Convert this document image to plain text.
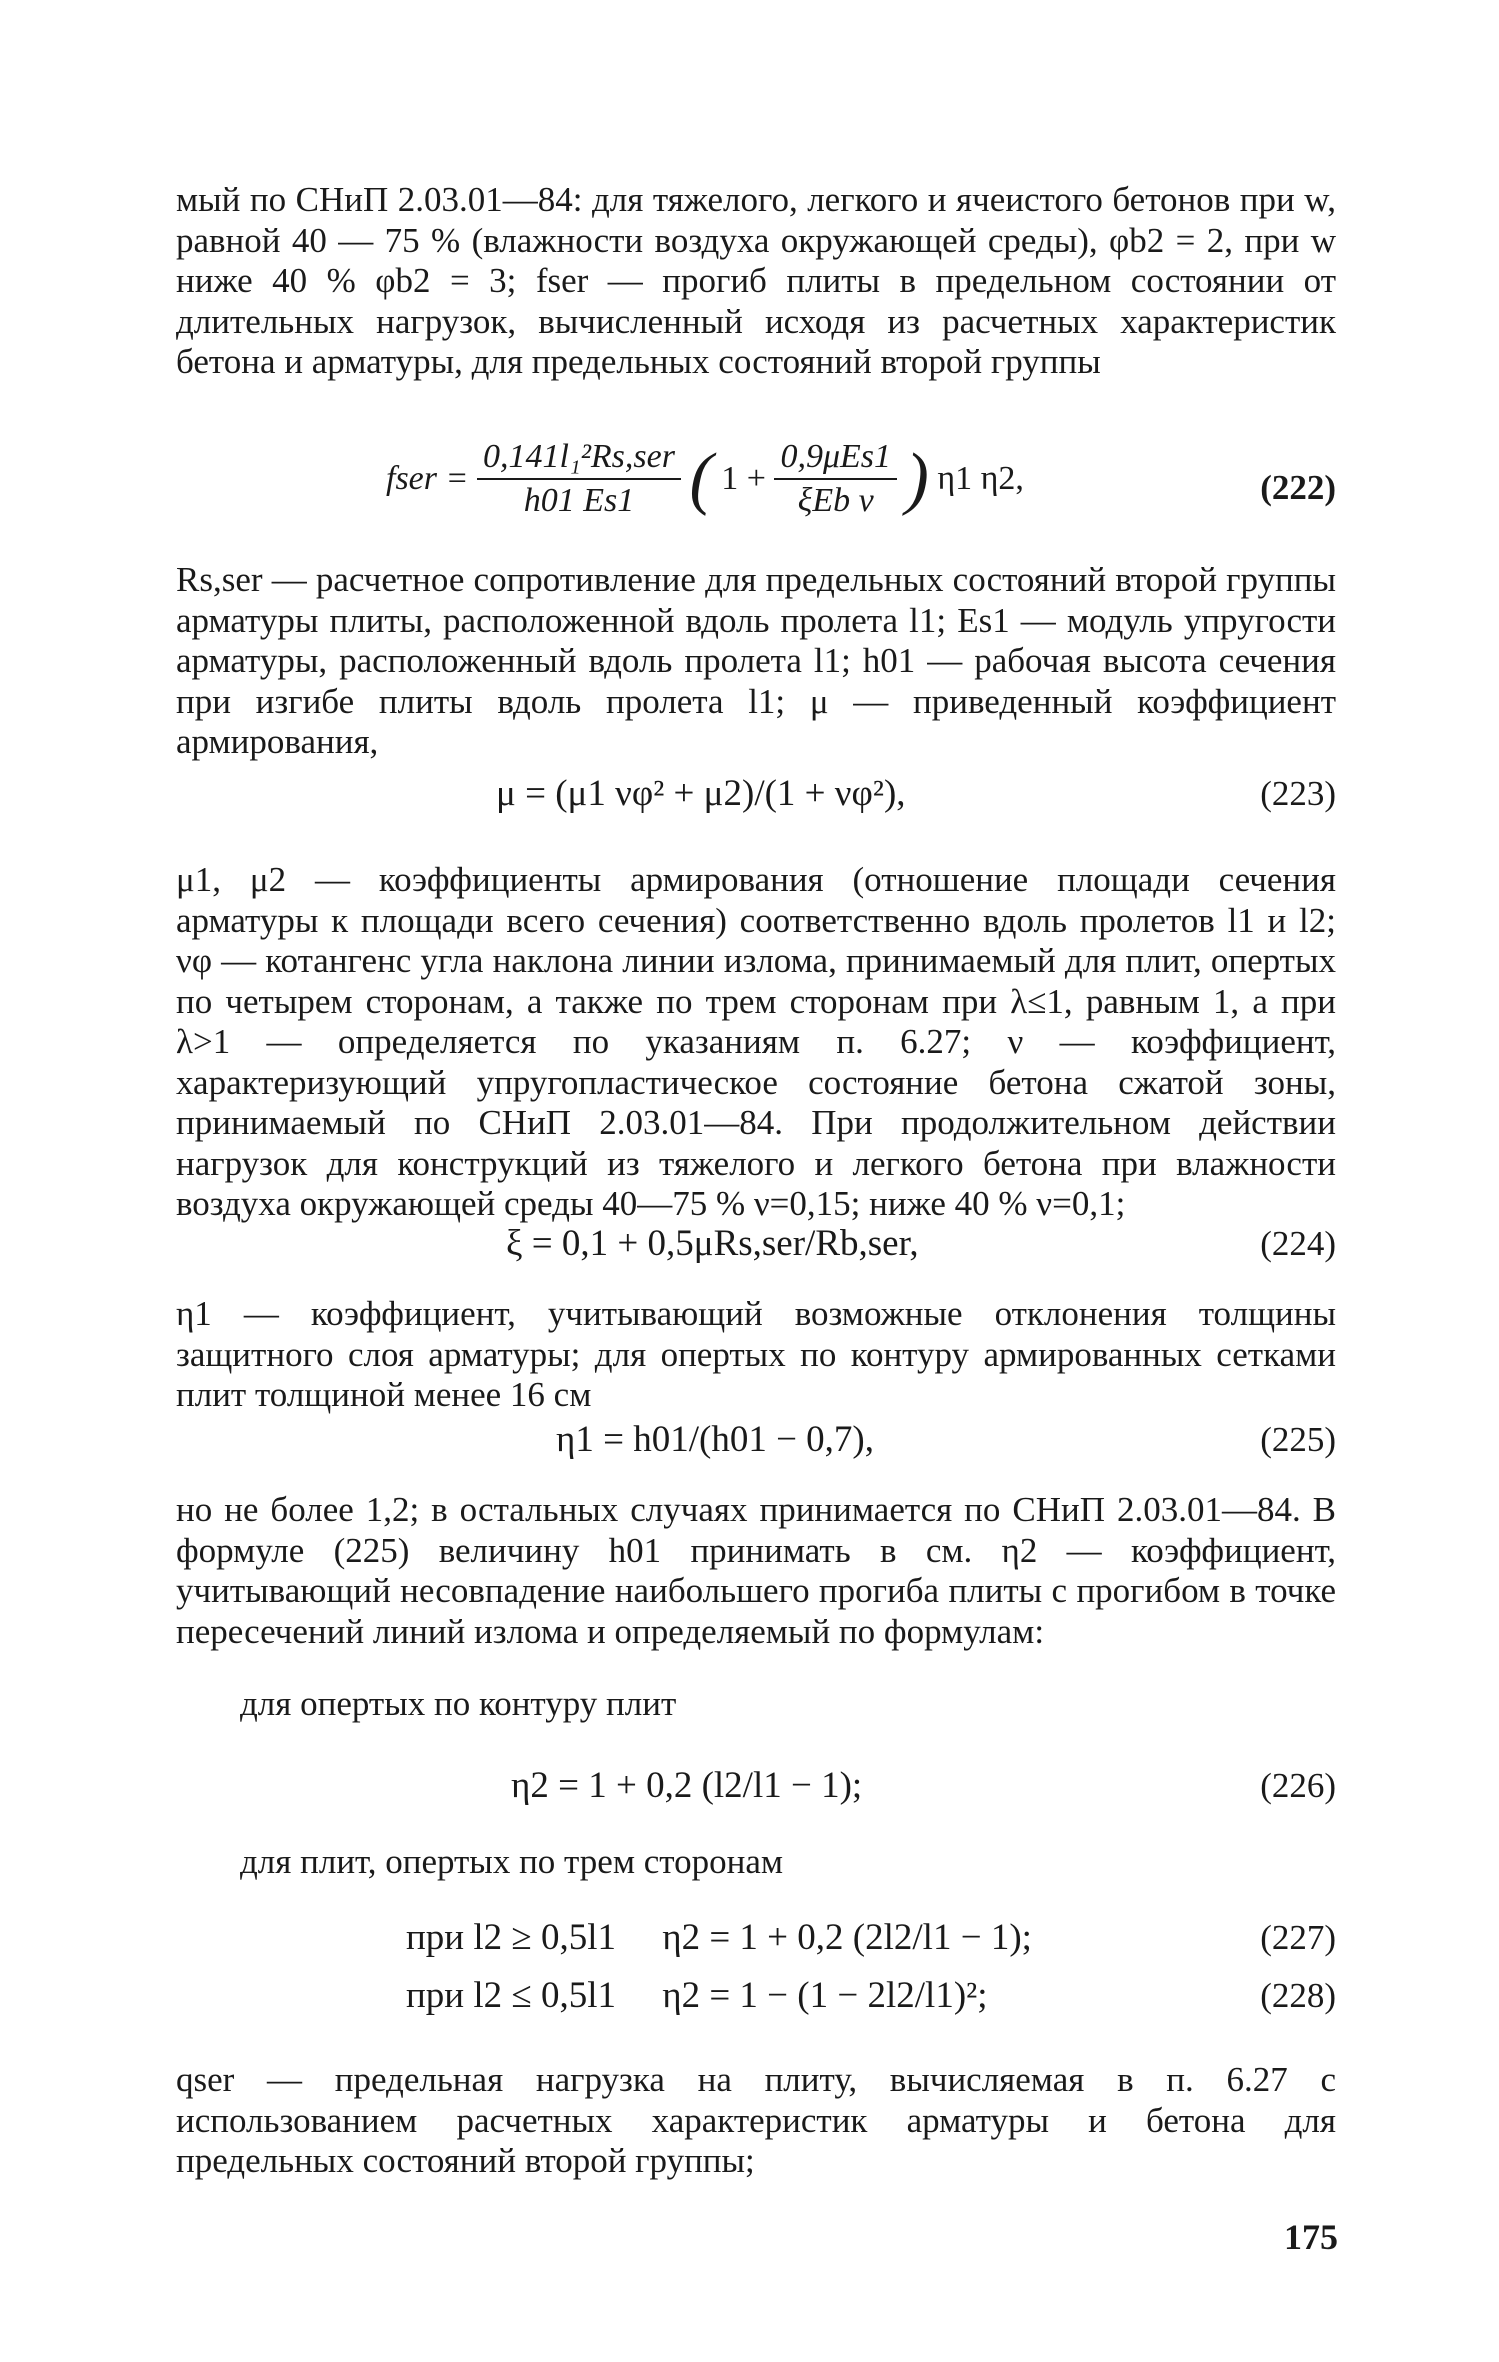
мый по СНиП 2.03.01—84: для тяжелого, легкого и ячеистого бетонов при w, равной 40 — 75 % (влажности воздуха окружающей среды), φb2 = 2, при w ниже 40 % φb2 = 3; fser — прогиб плиты в предельном состоянии от длительных нагрузок, вычисленный исходя из расчетных характеристик бетона и арматуры, для предельных состояний второй группы

fser = $\frac{\text{0,141l₁²Rs,ser}}{h01 Es1}$ ( $1 + \frac{\text{0,9μEs1}}{\text{ξEb ν}}$ ) η1 η2,	(222)

Rs,ser — расчетное сопротивление для предельных состояний второй группы арматуры плиты, расположенной вдоль пролета l1; Es1 — модуль упругости арматуры, расположенный вдоль пролета l1; h01 — рабочая высота сечения при изгибе плиты вдоль пролета l1; μ — приведенный коэффициент армирования,

μ = (μ1 νφ² + μ2)/(1 + νφ²),	(223)

μ1, μ2 — коэффициенты армирования (отношение площади сечения арматуры к площади всего сечения) соответственно вдоль пролетов l1 и l2; νφ — котангенс угла наклона линии излома, принимаемый для плит, опертых по четырем сторонам, а также по трем сторонам при λ≤1, равным 1, а при λ>1 — определяется по указаниям п. 6.27; ν — коэффициент, характеризующий упругопластическое состояние бетона сжатой зоны, принимаемый по СНиП 2.03.01—84. При продолжительном действии нагрузок для конструкций из тяжелого и легкого бетона при влажности воздуха окружающей среды 40—75 % ν=0,15; ниже 40 % ν=0,1;

ξ = 0,1 + 0,5μRs,ser/Rb,ser,	(224)

η1 — коэффициент, учитывающий возможные отклонения толщины защитного слоя арматуры; для опертых по контуру армированных сетками плит толщиной менее 16 см

η1 = h01/(h01 − 0,7),	(225)

но не более 1,2; в остальных случаях принимается по СНиП 2.03.01—84. В формуле (225) величину h01 принимать в см. η2 — коэффициент, учитывающий несовпадение наибольшего прогиба плиты с прогибом в точке пересечений линий излома и определяемый по формулам:

для опертых по контуру плит

η2 = 1 + 0,2 (l2/l1 − 1);	(226)

для плит, опертых по трем сторонам

при l2 ≥ 0,5l1     η2 = 1 + 0,2 (2l2/l1 − 1);	(227)
при l2 ≤ 0,5l1     η2 = 1 − (1 − 2l2/l1)²;	(228)

qser — предельная нагрузка на плиту, вычисляемая в п. 6.27 с использованием расчетных характеристик арматуры и бетона для предельных состояний второй группы;

175
